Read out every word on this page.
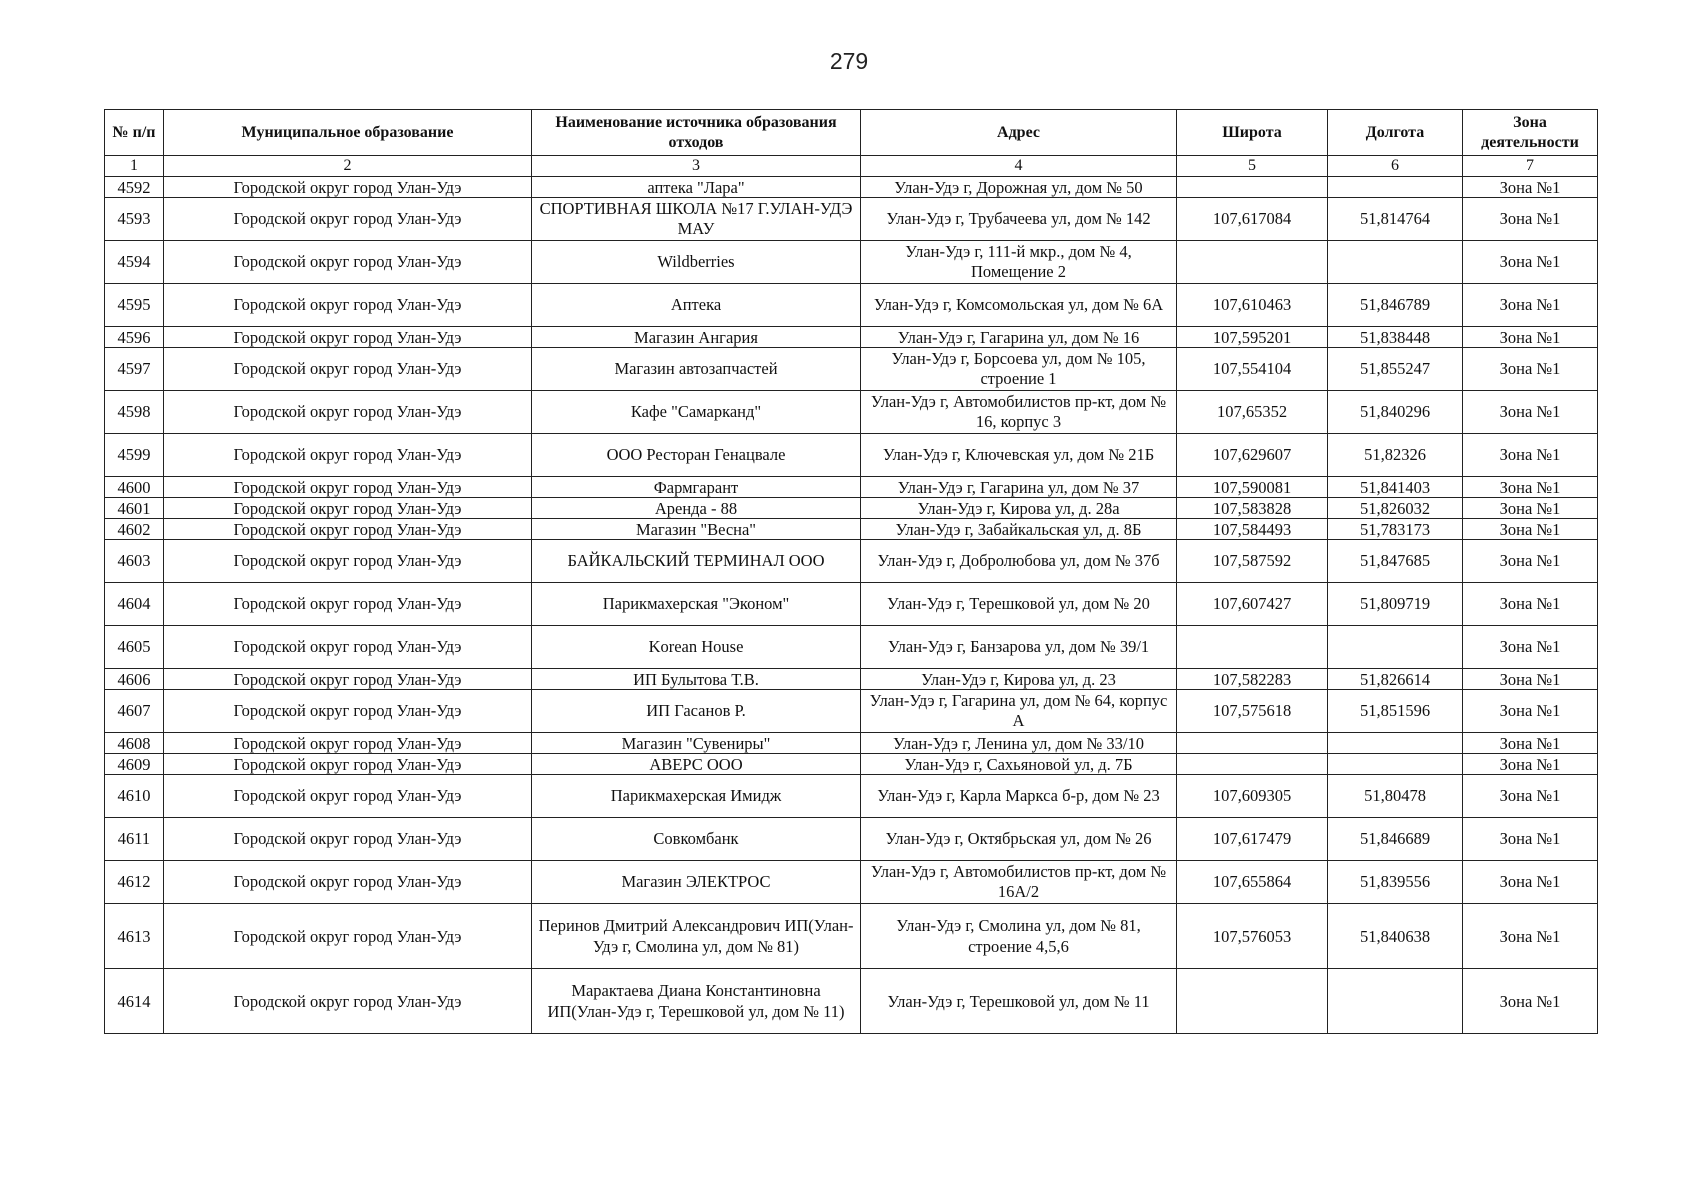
279
№ п/п	Муниципальное образование	Наименование источника образования отходов	Адрес	Широта	Долгота	Зона деятельности
1	2	3	4	5	6	7
4592	Городской округ город Улан-Удэ	аптека "Лара"	Улан-Удэ г, Дорожная ул, дом № 50			Зона №1
4593	Городской округ город Улан-Удэ	СПОРТИВНАЯ ШКОЛА №17 Г.УЛАН-УДЭ МАУ	Улан-Удэ г, Трубачеева ул, дом № 142	107,617084	51,814764	Зона №1
4594	Городской округ город Улан-Удэ	Wildberries	Улан-Удэ г, 111-й мкр., дом № 4, Помещение 2			Зона №1
4595	Городской округ город Улан-Удэ	Аптека	Улан-Удэ г, Комсомольская ул, дом № 6А	107,610463	51,846789	Зона №1
4596	Городской округ город Улан-Удэ	Магазин Ангария	Улан-Удэ г, Гагарина ул, дом № 16	107,595201	51,838448	Зона №1
4597	Городской округ город Улан-Удэ	Магазин автозапчастей	Улан-Удэ г, Борсоева ул, дом № 105, строение 1	107,554104	51,855247	Зона №1
4598	Городской округ город Улан-Удэ	Кафе "Самарканд"	Улан-Удэ г, Автомобилистов пр-кт, дом № 16, корпус 3	107,65352	51,840296	Зона №1
4599	Городской округ город Улан-Удэ	ООО Ресторан Генацвале	Улан-Удэ г, Ключевская ул, дом № 21Б	107,629607	51,82326	Зона №1
4600	Городской округ город Улан-Удэ	Фармгарант	Улан-Удэ г, Гагарина ул, дом № 37	107,590081	51,841403	Зона №1
4601	Городской округ город Улан-Удэ	Аренда - 88	Улан-Удэ г, Кирова ул, д. 28а	107,583828	51,826032	Зона №1
4602	Городской округ город Улан-Удэ	Магазин "Весна"	Улан-Удэ г, Забайкальская ул, д. 8Б	107,584493	51,783173	Зона №1
4603	Городской округ город Улан-Удэ	БАЙКАЛЬСКИЙ ТЕРМИНАЛ ООО	Улан-Удэ г, Добролюбова ул, дом № 37б	107,587592	51,847685	Зона №1
4604	Городской округ город Улан-Удэ	Парикмахерская "Эконом"	Улан-Удэ г, Терешковой ул, дом № 20	107,607427	51,809719	Зона №1
4605	Городской округ город Улан-Удэ	Korean House	Улан-Удэ г, Банзарова ул, дом № 39/1			Зона №1
4606	Городской округ город Улан-Удэ	ИП Булытова Т.В.	Улан-Удэ г, Кирова ул, д. 23	107,582283	51,826614	Зона №1
4607	Городской округ город Улан-Удэ	ИП Гасанов Р.	Улан-Удэ г, Гагарина ул, дом № 64, корпус А	107,575618	51,851596	Зона №1
4608	Городской округ город Улан-Удэ	Магазин "Сувениры"	Улан-Удэ г, Ленина ул, дом № 33/10			Зона №1
4609	Городской округ город Улан-Удэ	АВЕРС ООО	Улан-Удэ г, Сахьяновой ул, д. 7Б			Зона №1
4610	Городской округ город Улан-Удэ	Парикмахерская Имидж	Улан-Удэ г, Карла Маркса б-р, дом № 23	107,609305	51,80478	Зона №1
4611	Городской округ город Улан-Удэ	Совкомбанк	Улан-Удэ г, Октябрьская ул, дом № 26	107,617479	51,846689	Зона №1
4612	Городской округ город Улан-Удэ	Магазин ЭЛЕКТРОС	Улан-Удэ г, Автомобилистов пр-кт, дом № 16А/2	107,655864	51,839556	Зона №1
4613	Городской округ город Улан-Удэ	Перинов Дмитрий Александрович ИП(Улан-Удэ г, Смолина ул, дом № 81)	Улан-Удэ г, Смолина ул, дом № 81, строение 4,5,6	107,576053	51,840638	Зона №1
4614	Городской округ город Улан-Удэ	Марактаева Диана Константиновна ИП(Улан-Удэ г, Терешковой ул, дом № 11)	Улан-Удэ г, Терешковой ул, дом № 11			Зона №1
